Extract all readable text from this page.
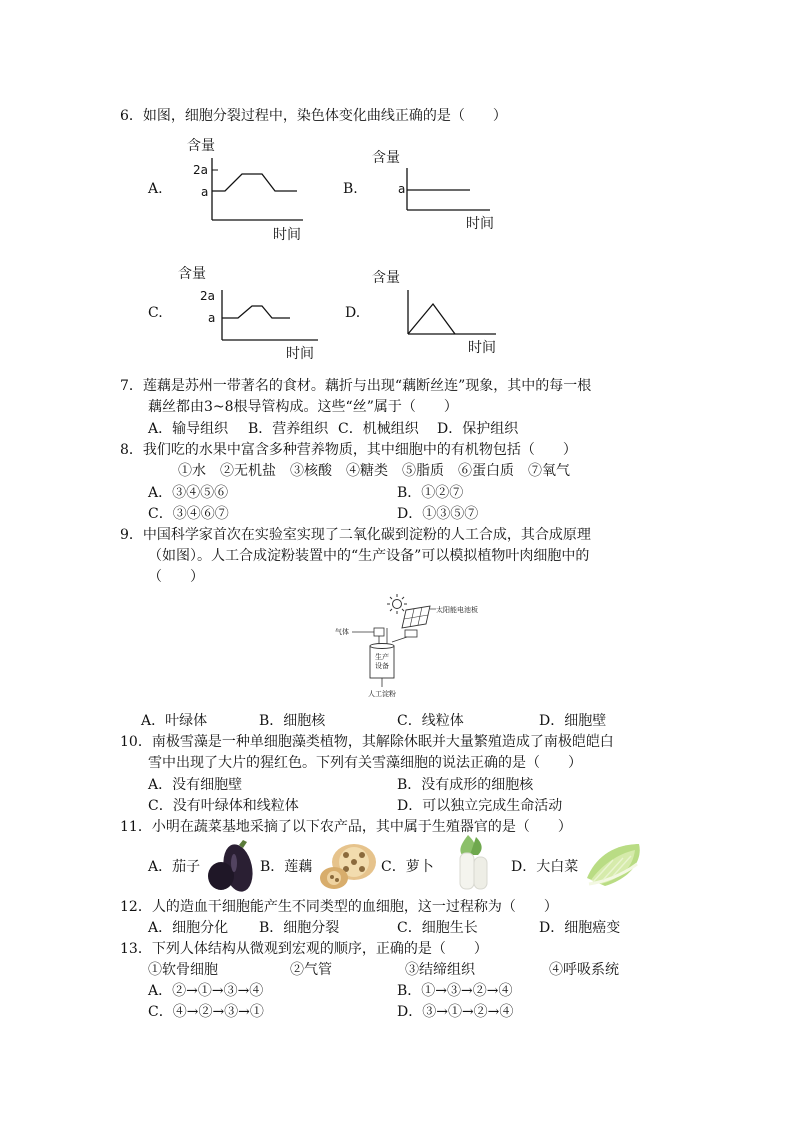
6．如图，细胞分裂过程中，染色体变化曲线正确的是（　　）
A.
含量
2a
a
时间
B.
含量
a
时间
C.
含量
2a
a
时间
D.
含量
时间
7．莲藕是苏州一带著名的食材。藕折与出现“藕断丝连”现象，其中的每一根
藕丝都由3~8根导管构成。这些“丝”属于（　　）
A．输导组织 B．营养组织 C．机械组织 D．保护组织
8．我们吃的水果中富含多种营养物质，其中细胞中的有机物包括（　　）
①水　②无机盐　③核酸　④糖类　⑤脂质　⑥蛋白质　⑦氧气
A．③④⑤⑥	B．①②⑦
C．③④⑥⑦	D．①③⑤⑦
9．中国科学家首次在实验室实现了二氧化碳到淀粉的人工合成，其合成原理
（如图）。人工合成淀粉装置中的“生产设备”可以模拟植物叶肉细胞中的
（　　）
太阳能电池板
气体
生产
设备
人工淀粉
A．叶绿体	B．细胞核	C．线粒体	D．细胞壁
10．南极雪藻是一种单细胞藻类植物，其解除休眠并大量繁殖造成了南极皑皑白
雪中出现了大片的猩红色。下列有关雪藻细胞的说法正确的是（　　）
A．没有细胞壁	B．没有成形的细胞核
C．没有叶绿体和线粒体	D．可以独立完成生命活动
11．小明在蔬菜基地采摘了以下农产品，其中属于生殖器官的是（　　）
A．茄子	B．莲藕	C．萝卜	D．大白菜
12．人的造血干细胞能产生不同类型的血细胞，这一过程称为（　　）
A．细胞分化 B．细胞分裂	C．细胞生长	D．细胞癌变
13．下列人体结构从微观到宏观的顺序，正确的是（　　）
①软骨细胞	②气管	③结缔组织	④呼吸系统
A．②→①→③→④	B．①→③→②→④
C．④→②→③→①	D．③→①→②→④
